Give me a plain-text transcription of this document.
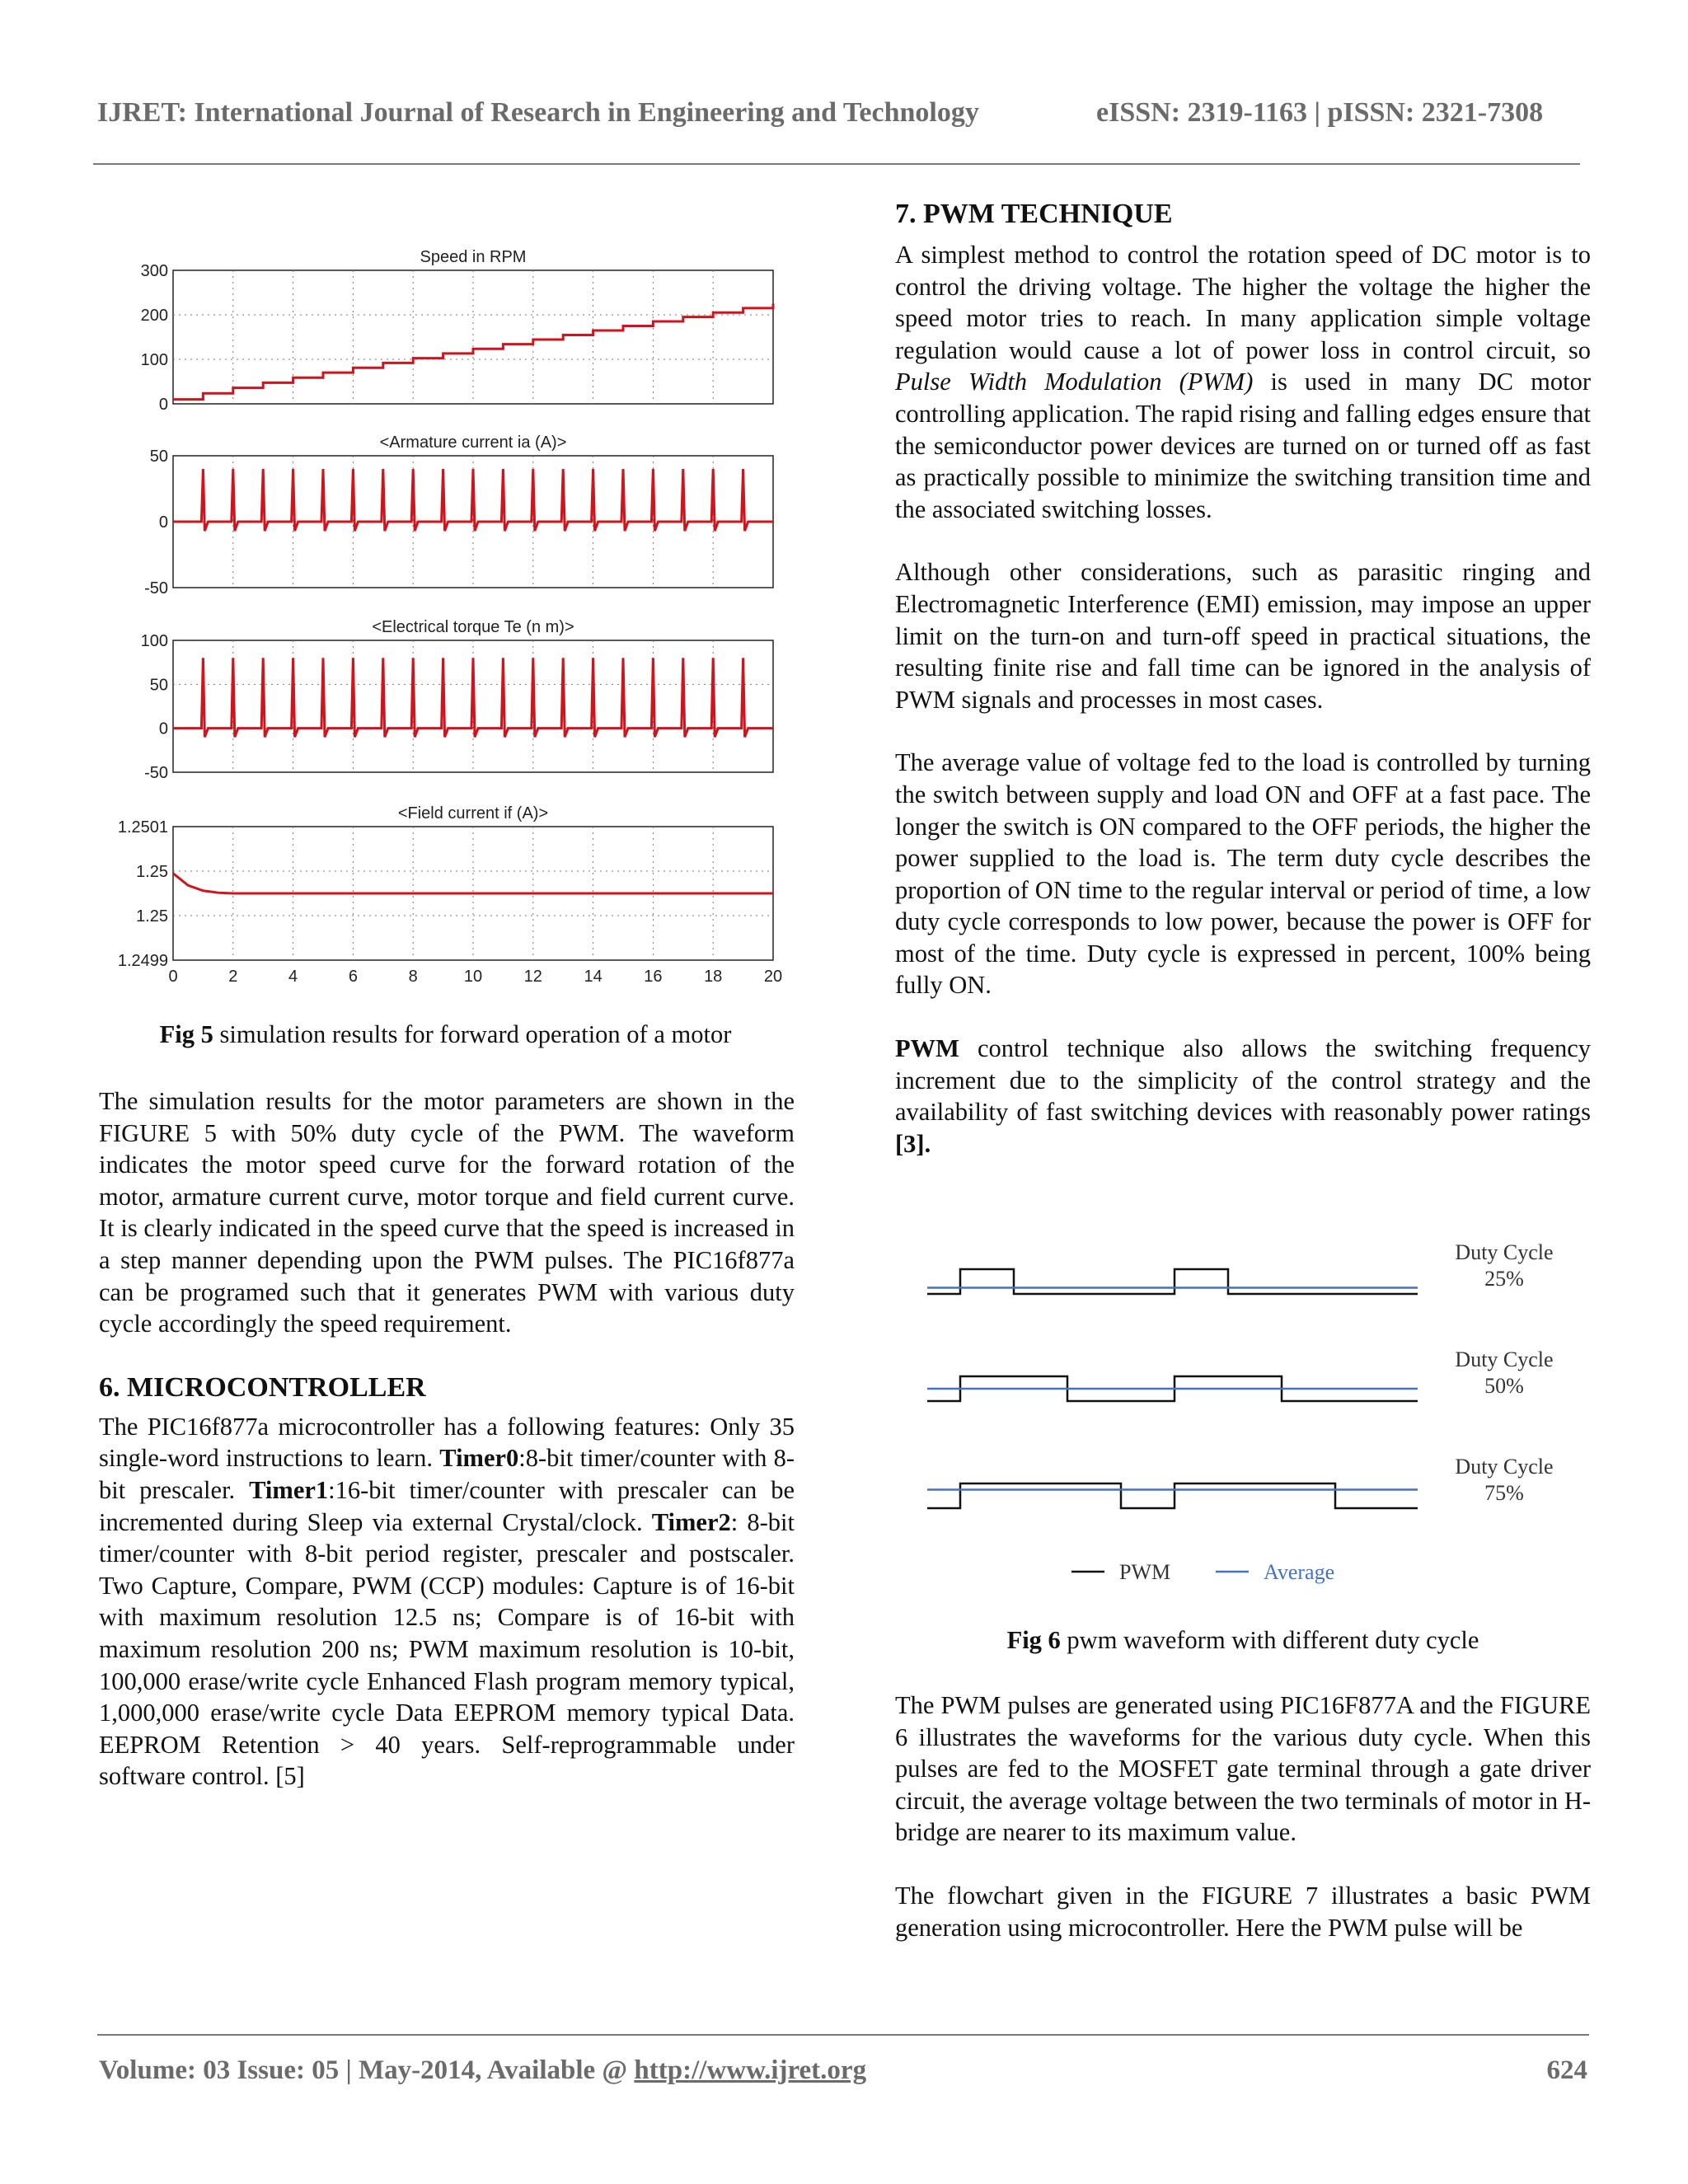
IJRET: International Journal of Research in Engineering and Technology	eISSN: 2319-1163 | pISSN: 2321-7308
300
200
100
0
Speed in RPM
50
0
-50
<Armature current ia (A)>
100
50
0
-50
<Electrical torque Te (n m)>
1.2501
1.25
1.25
1.2499
<Field current if (A)>
0	2	4	6	8	10	12	14	16	18	20
Fig 5 simulation results for forward operation of a motor

The simulation results for the motor parameters are shown in the FIGURE 5 with 50% duty cycle of the PWM. The waveform indicates the motor speed curve for the forward rotation of the motor, armature current curve, motor torque and field current curve. It is clearly indicated in the speed curve that the speed is increased in a step manner depending upon the PWM pulses. The PIC16f877a can be programed such that it generates PWM with various duty cycle accordingly the speed requirement.

6. MICROCONTROLLER

The PIC16f877a microcontroller has a following features: Only 35 single-word instructions to learn. Timer0:8-bit timer/counter with 8-bit prescaler. Timer1:16-bit timer/counter with prescaler can be incremented during Sleep via external Crystal/clock. Timer2: 8-bit timer/counter with 8-bit period register, prescaler and postscaler. Two Capture, Compare, PWM (CCP) modules: Capture is of 16-bit with maximum resolution 12.5 ns; Compare is of 16-bit with maximum resolution 200 ns; PWM maximum resolution is 10-bit, 100,000 erase/write cycle Enhanced Flash program memory typical, 1,000,000 erase/write cycle Data EEPROM memory typical Data. EEPROM Retention > 40 years. Self-reprogrammable under software control. [5]

7. PWM TECHNIQUE

A simplest method to control the rotation speed of DC motor is to control the driving voltage. The higher the voltage the higher the speed motor tries to reach. In many application simple voltage regulation would cause a lot of power loss in control circuit, so Pulse Width Modulation (PWM) is used in many DC motor controlling application. The rapid rising and falling edges ensure that the semiconductor power devices are turned on or turned off as fast as practically possible to minimize the switching transition time and the associated switching losses.

Although other considerations, such as parasitic ringing and Electromagnetic Interference (EMI) emission, may impose an upper limit on the turn-on and turn-off speed in practical situations, the resulting finite rise and fall time can be ignored in the analysis of PWM signals and processes in most cases.

The average value of voltage fed to the load is controlled by turning the switch between supply and load ON and OFF at a fast pace. The longer the switch is ON compared to the OFF periods, the higher the power supplied to the load is. The term duty cycle describes the proportion of ON time to the regular interval or period of time, a low duty cycle corresponds to low power, because the power is OFF for most of the time. Duty cycle is expressed in percent, 100% being fully ON.

PWM control technique also allows the switching frequency increment due to the simplicity of the control strategy and the availability of fast switching devices with reasonably power ratings [3].

Duty Cycle
25%
Duty Cycle
50%
Duty Cycle
75%
PWM	Average
Fig 6 pwm waveform with different duty cycle

The PWM pulses are generated using PIC16F877A and the FIGURE 6 illustrates the waveforms for the various duty cycle. When this pulses are fed to the MOSFET gate terminal through a gate driver circuit, the average voltage between the two terminals of motor in H-bridge are nearer to its maximum value.

The flowchart given in the FIGURE 7 illustrates a basic PWM generation using microcontroller. Here the PWM pulse will be

Volume: 03 Issue: 05 | May-2014, Available @ http://www.ijret.org	624
